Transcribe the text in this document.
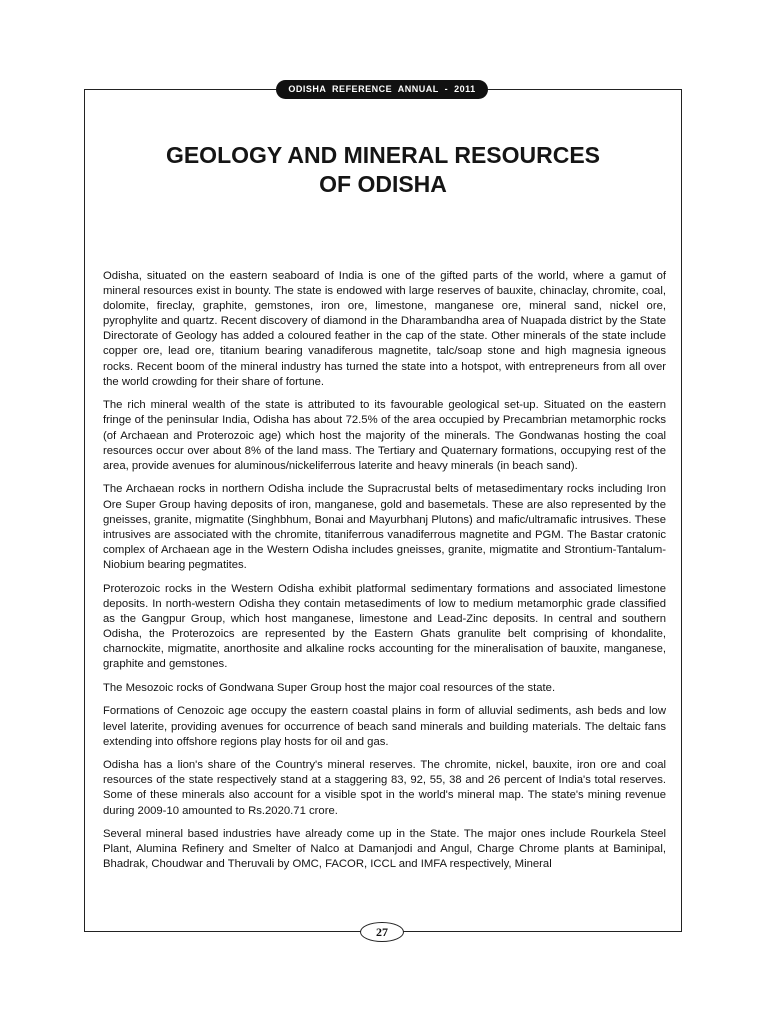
ODISHA  REFERENCE  ANNUAL  -  2011
GEOLOGY AND MINERAL RESOURCES
OF ODISHA

Odisha, situated on the eastern seaboard of India is one of the gifted parts of the world, where a gamut of mineral resources exist in bounty. The state is endowed with large reserves of bauxite, chinaclay, chromite, coal, dolomite, fireclay, graphite, gemstones, iron ore, limestone, manganese ore, mineral sand, nickel ore, pyrophylite and quartz. Recent discovery of diamond in the Dharambandha area of Nuapada district by the State Directorate of Geology has added a coloured feather in the cap of the state. Other minerals of the state include copper ore, lead ore, titanium bearing vanadiferous magnetite, talc/soap stone and high magnesia igneous rocks. Recent boom of the mineral industry has turned the state into a hotspot, with entrepreneurs from all over the world crowding for their share of fortune.

The rich mineral wealth of the state is attributed to its favourable geological set-up. Situated on the eastern fringe of the peninsular India, Odisha has about 72.5% of the area occupied by Precambrian metamorphic rocks (of Archaean and Proterozoic age) which host the majority of the minerals. The Gondwanas hosting the coal resources occur over about 8% of the land mass. The Tertiary and Quaternary formations, occupying rest of the area, provide avenues for aluminous/nickeliferrous laterite and heavy minerals (in beach sand).

The Archaean rocks in northern Odisha include the Supracrustal belts of metasedimentary rocks including Iron Ore Super Group having deposits of iron, manganese, gold and basemetals. These are also represented by the gneisses, granite, migmatite (Singhbhum, Bonai and Mayurbhanj Plutons) and mafic/ultramafic intrusives. These intrusives are associated with the chromite, titaniferrous vanadiferrous magnetite and PGM. The Bastar cratonic complex of Archaean age in the Western Odisha includes gneisses, granite, migmatite and Strontium-Tantalum-Niobium bearing pegmatites.

Proterozoic rocks in the Western Odisha exhibit platformal sedimentary formations and associated limestone deposits. In north-western Odisha they contain metasediments of low to medium metamorphic grade classified as the Gangpur Group, which host manganese, limestone and Lead-Zinc deposits. In central and southern Odisha, the Proterozoics are represented by the Eastern Ghats granulite belt comprising of khondalite, charnockite, migmatite, anorthosite and alkaline rocks accounting for the mineralisation of bauxite, manganese, graphite and gemstones.

The Mesozoic rocks of Gondwana Super Group host the major coal resources of the state.

Formations of Cenozoic age occupy the eastern coastal plains in form of alluvial sediments, ash beds and low level laterite, providing avenues for occurrence of beach sand minerals and building materials. The deltaic fans extending into offshore regions play hosts for oil and gas.

Odisha has a lion's share of the Country's mineral reserves. The chromite, nickel, bauxite, iron ore and coal resources of the state respectively stand at a staggering 83, 92, 55, 38 and 26 percent of India's total reserves. Some of these minerals also account for a visible spot in the world's mineral map. The state's mining revenue during 2009-10 amounted to Rs.2020.71 crore.

Several mineral based industries have already come up in the State. The major ones include Rourkela Steel Plant, Alumina Refinery and Smelter of Nalco at Damanjodi and Angul, Charge Chrome plants at Baminipal, Bhadrak, Choudwar and Theruvali by OMC, FACOR, ICCL and IMFA respectively, Mineral

27
